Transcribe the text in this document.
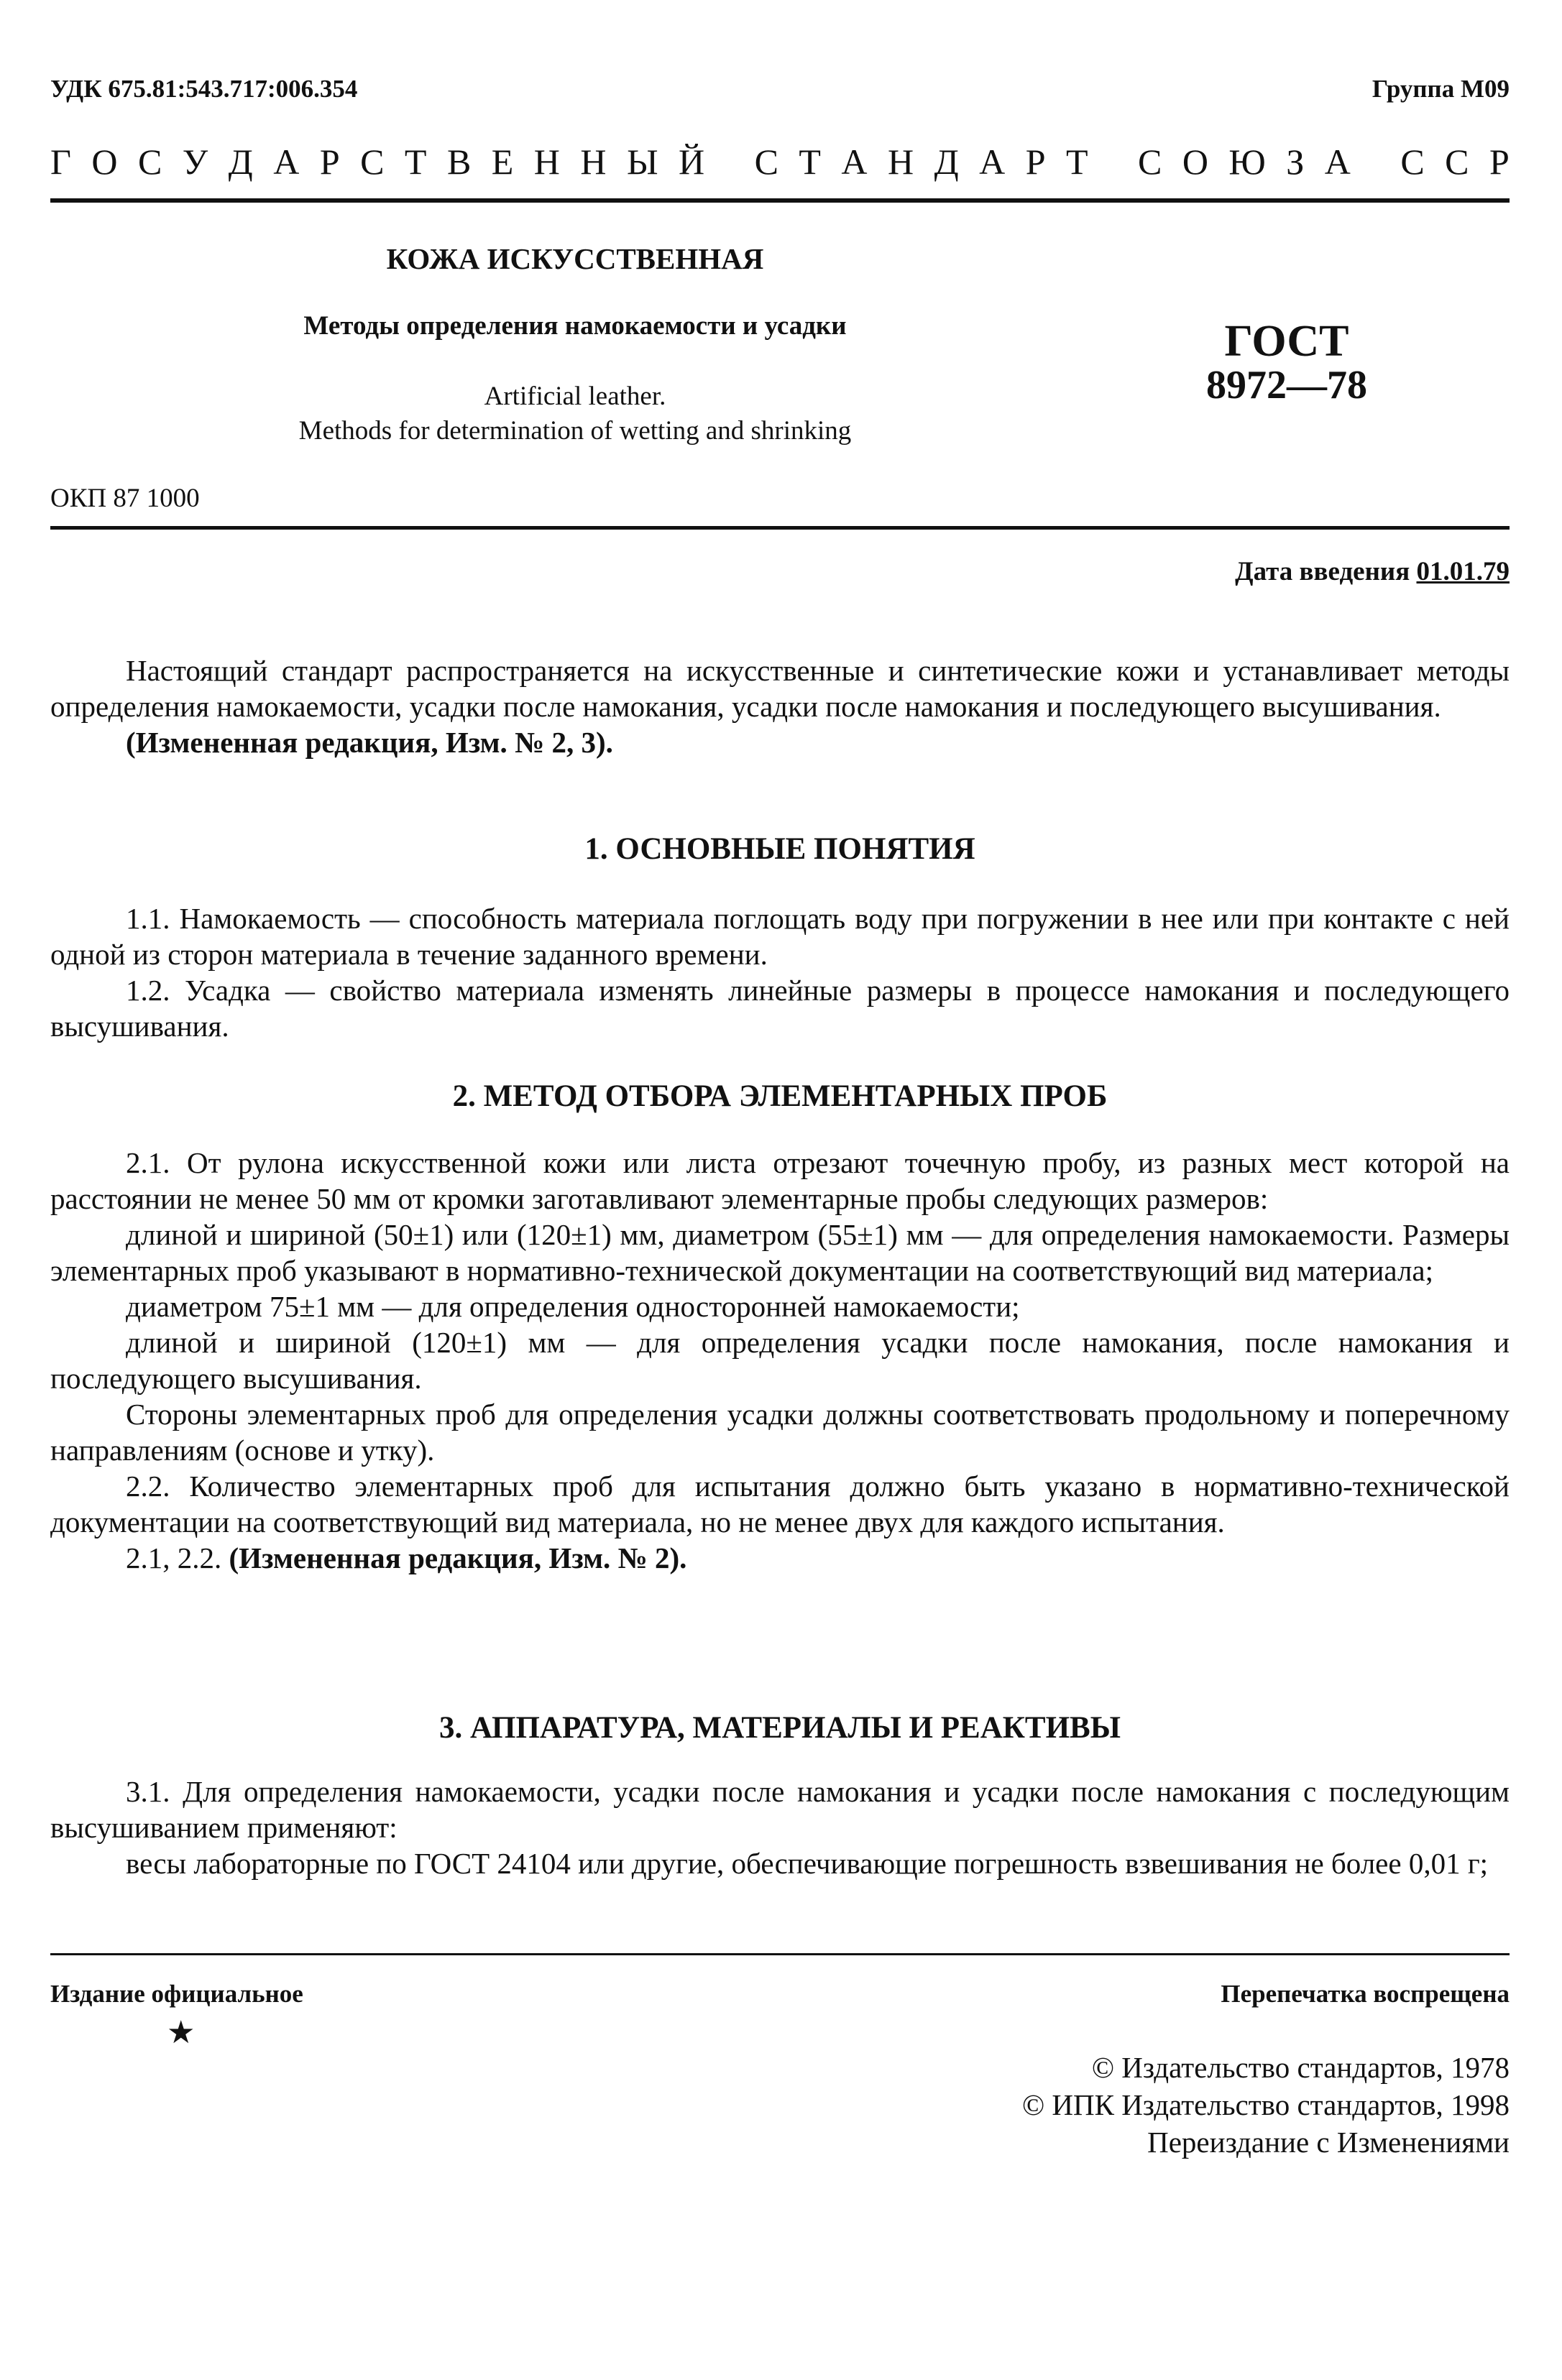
УДК 675.81:543.717:006.354	Группа М09
Г О С У Д А Р С Т В Е Н Н Ы Й
С Т А Н Д А Р Т
С О Ю З А
С С Р
КОЖА ИСКУССТВЕННАЯ
Методы определения намокаемости и усадки
Artificial leather.
Methods for determination of wetting and shrinking
ГОСТ
8972—78
ОКП 87 1000
Дата введения 01.01.79

Настоящий стандарт распространяется на искусственные и синтетические кожи и устанавливает методы определения намокаемости, усадки после намокания, усадки после намокания и последующего высушивания.

(Измененная редакция, Изм. № 2, 3).

1. ОСНОВНЫЕ ПОНЯТИЯ

1.1. Намокаемость — способность материала поглощать воду при погружении в нее или при контакте с ней одной из сторон материала в течение заданного времени.

1.2. Усадка — свойство материала изменять линейные размеры в процессе намокания и последующего высушивания.

2. МЕТОД ОТБОРА ЭЛЕМЕНТАРНЫХ ПРОБ

2.1. От рулона искусственной кожи или листа отрезают точечную пробу, из разных мест которой на расстоянии не менее 50 мм от кромки заготавливают элементарные пробы следующих размеров:

длиной и шириной (50±1) или (120±1) мм, диаметром (55±1) мм — для определения намокаемости. Размеры элементарных проб указывают в нормативно-технической документации на соответствующий вид материала;

диаметром 75±1 мм — для определения односторонней намокаемости;

длиной и шириной (120±1) мм — для определения усадки после намокания, после намокания и последующего высушивания.

Стороны элементарных проб для определения усадки должны соответствовать продольному и поперечному направлениям (основе и утку).

2.2. Количество элементарных проб для испытания должно быть указано в нормативно-технической документации на соответствующий вид материала, но не менее двух для каждого испытания.

2.1, 2.2. (Измененная редакция, Изм. № 2).

3. АППАРАТУРА, МАТЕРИАЛЫ И РЕАКТИВЫ

3.1. Для определения намокаемости, усадки после намокания и усадки после намокания с последующим высушиванием применяют:

весы лабораторные по ГОСТ 24104 или другие, обеспечивающие погрешность взвешивания не более 0,01 г;

Издание официальное	Перепечатка воспрещена
★
© Издательство стандартов, 1978
© ИПК Издательство стандартов, 1998
Переиздание с Изменениями
